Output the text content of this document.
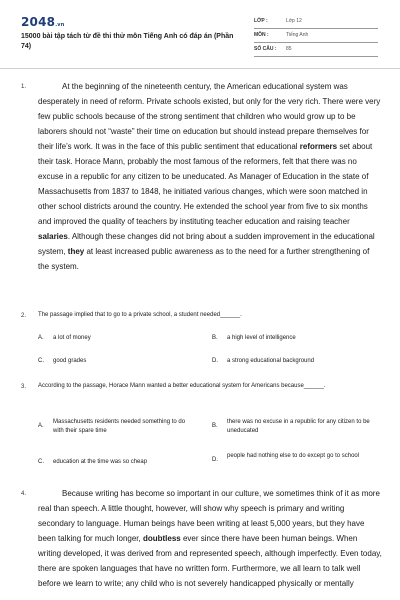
2048.vn
15000 bài tập tách từ đề thi thử môn Tiếng Anh có đáp án (Phần 74)
LỚP :	Lớp 12
MÔN :	Tiếng Anh
SỐ CÂU : 85
1.	At the beginning of the nineteenth century, the American educational system was desperately in need of reform. Private schools existed, but only for the very rich. There were very few public schools because of the strong sentiment that children who would grow up to be laborers should not “waste” their time on education but should instead prepare themselves for their life’s work. It was in the face of this public sentiment that educational reformers set about their task. Horace Mann, probably the most famous of the reformers, felt that there was no excuse in a republic for any citizen to be uneducated. As Manager of Education in the state of Massachusetts from 1837 to 1848, he initiated various changes, which were soon matched in other school districts around the country. He extended the school year from five to six months and improved the quality of teachers by instituting teacher education and raising teacher salaries. Although these changes did not bring about a sudden improvement in the educational system, they at least increased public awareness as to the need for a further strengthening of the system.

2. The passage implied that to go to a private school, a student needed______.
A. a lot of money	B. a high level of intelligence
C. good grades	D. a strong educational background
3. According to the passage, Horace Mann wanted a better educational system for Americans because______.
A.
Massachusetts residents needed something to do with their spare time
B.
there was no excuse in a republic for any citizen to be uneducated
C. education at the time was so cheap	D.
people had nothing else to do except go to school
4.	Because writing has become so important in our culture, we sometimes think of it as more real than speech. A little thought, however, will show why speech is primary and writing secondary to language. Human beings have been writing at least 5,000 years, but they have been talking for much longer, doubtless ever since there have been human beings. When writing developed, it was derived from and represented speech, although imperfectly. Even today, there are spoken languages that have no written form. Furthermore, we all learn to talk well before we learn to write; any child who is not severely handicapped physically or mentally
